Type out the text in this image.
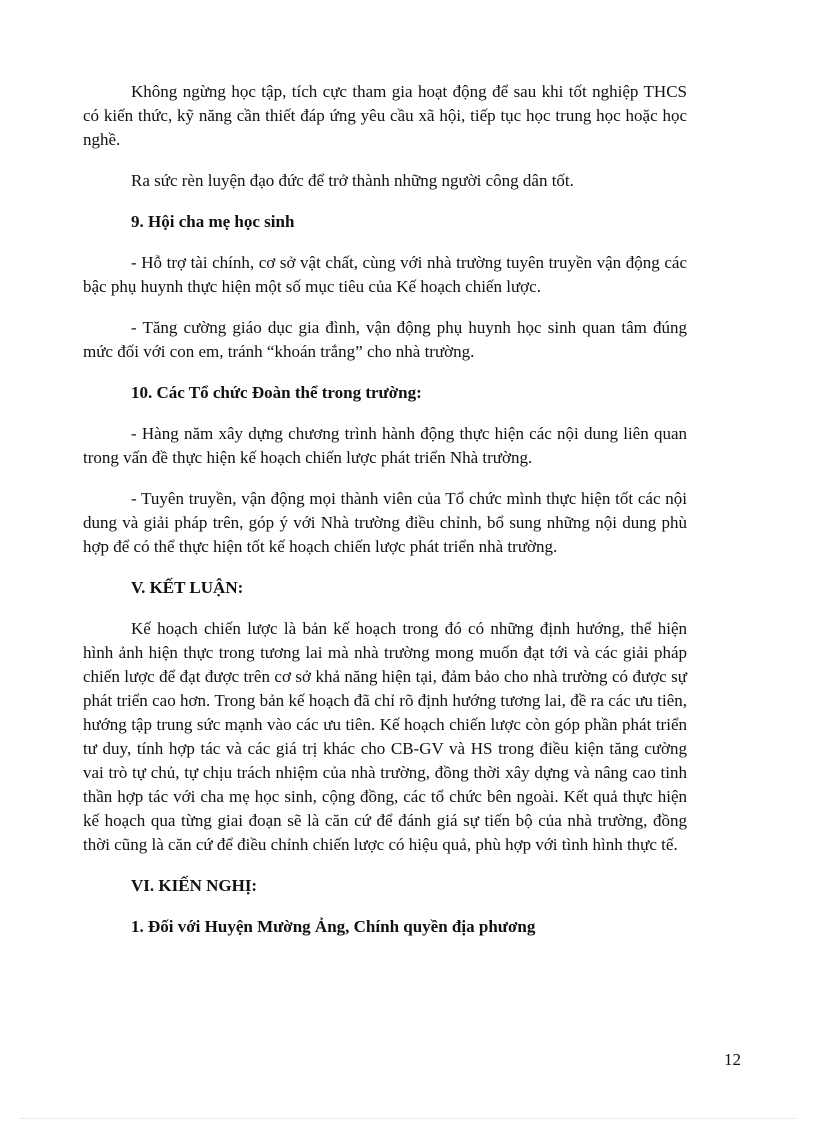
Không ngừng học tập, tích cực tham gia hoạt động để sau khi tốt nghiệp THCS có kiến thức, kỹ năng cần thiết đáp ứng yêu cầu xã hội, tiếp tục học trung học hoặc học nghề.

Ra sức rèn luyện đạo đức để trở thành những người công dân tốt.

9. Hội cha mẹ học sinh

- Hỗ trợ tài chính, cơ sở vật chất, cùng với nhà trường tuyên truyền vận động các bậc phụ huynh thực hiện một số mục tiêu của Kế hoạch chiến lược.

- Tăng cường giáo dục gia đình, vận động phụ huynh học sinh quan tâm đúng mức đối với con em, tránh “khoán trắng” cho nhà trường.

10. Các Tổ chức Đoàn thể trong trường:

- Hàng năm xây dựng chương trình hành động thực hiện các nội dung liên quan trong vấn đề thực hiện kế hoạch chiến lược phát triển Nhà trường.

- Tuyên truyền, vận động mọi thành viên của Tổ chức mình thực hiện tốt các nội dung và giải pháp trên, góp ý với Nhà trường điều chỉnh, bổ sung những nội dung phù hợp để có thể thực hiện tốt kế hoạch chiến lược phát triển nhà trường.

V. KẾT LUẬN:

Kế hoạch chiến lược là bản kế hoạch trong đó có những định hướng, thể hiện hình ảnh hiện thực trong tương lai mà nhà trường mong muốn đạt tới và các giải pháp chiến lược để đạt được trên cơ sở khả năng hiện tại, đảm bảo cho nhà trường có được sự phát triển cao hơn. Trong bản kế hoạch đã chỉ rõ định hướng tương lai, đề ra các ưu tiên, hướng tập trung sức mạnh vào các ưu tiên. Kế hoạch chiến lược còn góp phần phát triển tư duy, tính hợp tác và các giá trị khác cho CB-GV và HS trong điều kiện tăng cường vai trò tự chủ, tự chịu trách nhiệm của nhà trường, đồng thời xây dựng và nâng cao tinh thần hợp tác với cha mẹ học sinh, cộng đồng, các tổ chức bên ngoài. Kết quả thực hiện kế hoạch qua từng giai đoạn sẽ là căn cứ để đánh giá sự tiến bộ của nhà trường, đồng thời cũng là căn cứ để điều chỉnh chiến lược có hiệu quả, phù hợp với tình hình thực tế.

VI. KIẾN NGHỊ:

1. Đối với Huyện Mường Ảng, Chính quyền địa phương

12
